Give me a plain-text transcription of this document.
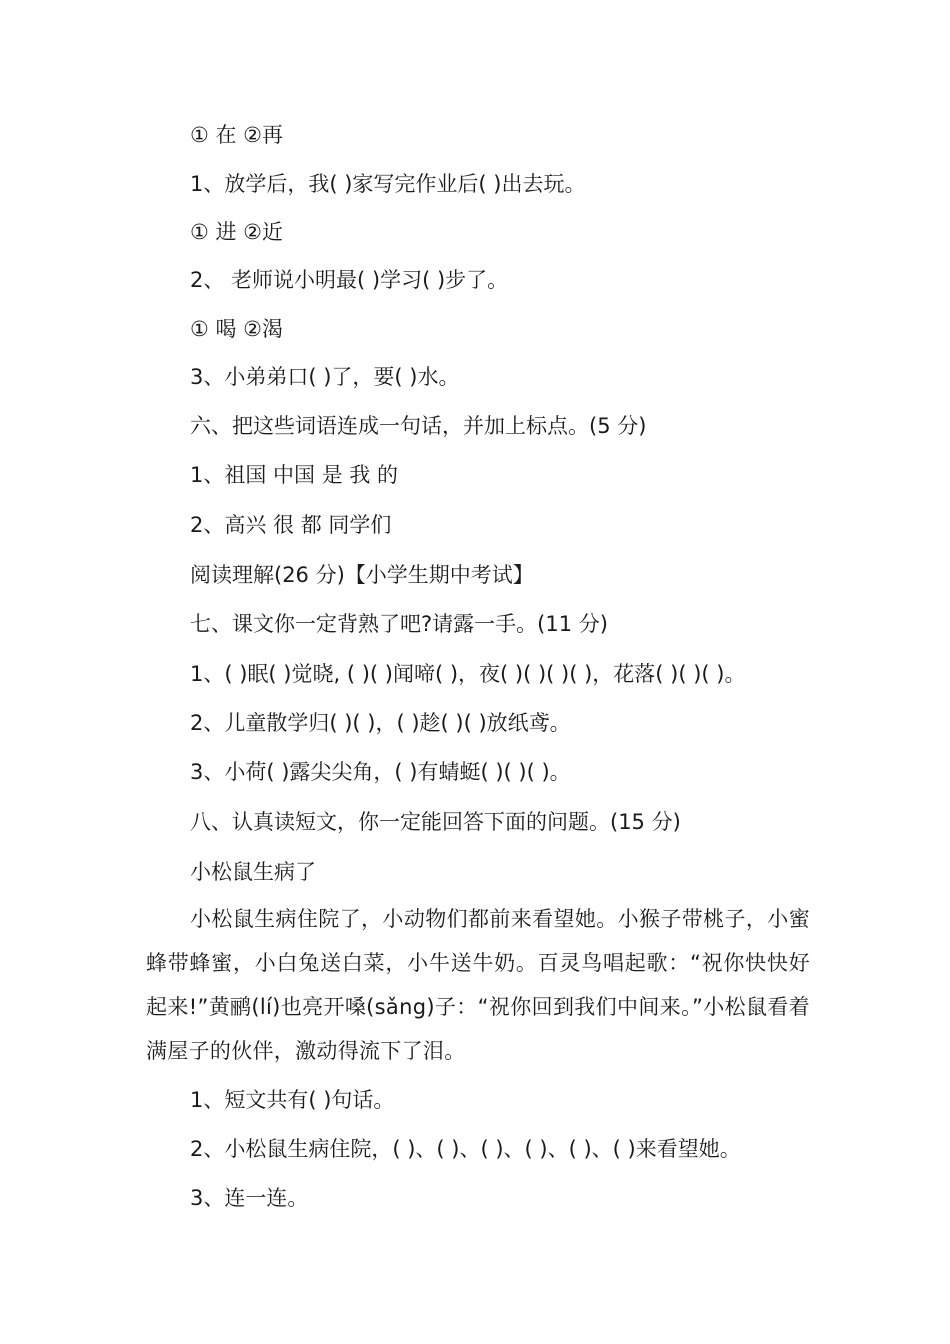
① 在 ②再
1、放学后，我( )家写完作业后( )出去玩。
① 进 ②近
2、 老师说小明最( )学习( )步了。
① 喝 ②渴
3、小弟弟口( )了，要( )水。
六、把这些词语连成一句话，并加上标点。(5 分)
1、祖国 中国 是 我 的
2、高兴 很 都 同学们
阅读理解(26 分)【小学生期中考试】
七、课文你一定背熟了吧?请露一手。(11 分)
1、( )眠( )觉晓, ( )( )闻啼( )，夜( )( )( )( )，花落( )( )( )。
2、儿童散学归( )( )，( )趁( )( )放纸鸢。
3、小荷( )露尖尖角，( )有蜻蜓( )( )( )。
八、认真读短文，你一定能回答下面的问题。(15 分)
小松鼠生病了
小松鼠生病住院了，小动物们都前来看望她。小猴子带桃子，小蜜蜂带蜂蜜，小白兔送白菜，小牛送牛奶。百灵鸟唱起歌：“祝你快快好起来!”黄鹂(lí)也亮开嗓(sǎng)子：“祝你回到我们中间来。”小松鼠看着满屋子的伙伴，激动得流下了泪。
1、短文共有( )句话。
2、小松鼠生病住院，( )、( )、( )、( )、( )、( )来看望她。
3、连一连。
